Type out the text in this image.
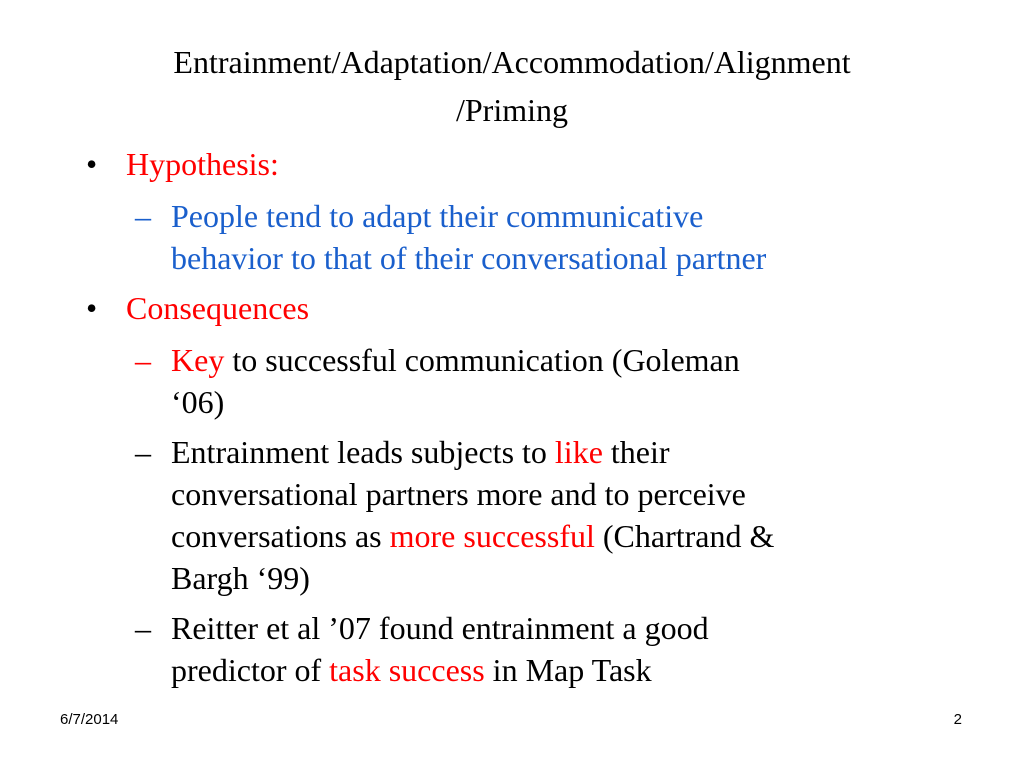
Entrainment/Adaptation/Accommodation/Alignment
/Priming
• Hypothesis:
– People tend to adapt their communicative
behavior to that of their conversational partner
• Consequences
– Key to successful communication (Goleman
‘06)
– Entrainment leads subjects to like their
conversational partners more and to perceive
conversations as more successful (Chartrand &
Bargh ‘99)
– Reitter et al ’07 found entrainment a good
predictor of task success in Map Task
6/7/2014	2
